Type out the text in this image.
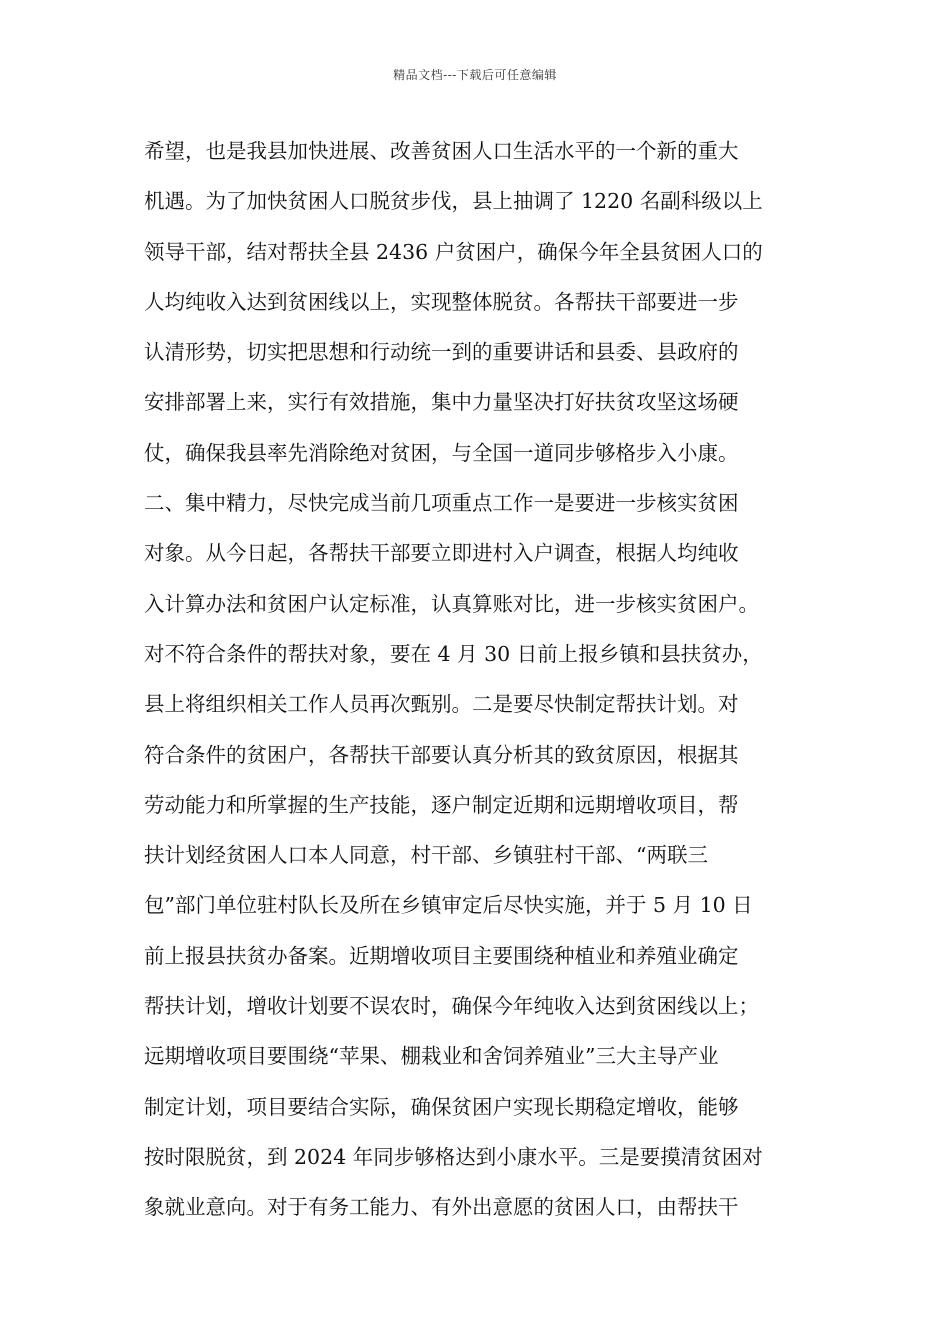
精品文档---下载后可任意编辑
希望，也是我县加快进展、改善贫困人口生活水平的一个新的重大
机遇。为了加快贫困人口脱贫步伐，县上抽调了 1220 名副科级以上
领导干部，结对帮扶全县 2436 户贫困户，确保今年全县贫困人口的
人均纯收入达到贫困线以上，实现整体脱贫。各帮扶干部要进一步
认清形势，切实把思想和行动统一到的重要讲话和县委、县政府的
安排部署上来，实行有效措施，集中力量坚决打好扶贫攻坚这场硬
仗，确保我县率先消除绝对贫困，与全国一道同步够格步入小康。
二、集中精力，尽快完成当前几项重点工作一是要进一步核实贫困
对象。从今日起，各帮扶干部要立即进村入户调查，根据人均纯收
入计算办法和贫困户认定标准，认真算账对比，进一步核实贫困户。
对不符合条件的帮扶对象，要在 4 月 30 日前上报乡镇和县扶贫办，
县上将组织相关工作人员再次甄别。二是要尽快制定帮扶计划。对
符合条件的贫困户，各帮扶干部要认真分析其的致贫原因，根据其
劳动能力和所掌握的生产技能，逐户制定近期和远期增收项目，帮
扶计划经贫困人口本人同意，村干部、乡镇驻村干部、“两联三
包”部门单位驻村队长及所在乡镇审定后尽快实施，并于 5 月 10 日
前上报县扶贫办备案。近期增收项目主要围绕种植业和养殖业确定
帮扶计划，增收计划要不误农时，确保今年纯收入达到贫困线以上；
远期增收项目要围绕“苹果、棚栽业和舍饲养殖业”三大主导产业
制定计划，项目要结合实际，确保贫困户实现长期稳定增收，能够
按时限脱贫，到 2024 年同步够格达到小康水平。三是要摸清贫困对
象就业意向。对于有务工能力、有外出意愿的贫困人口，由帮扶干
